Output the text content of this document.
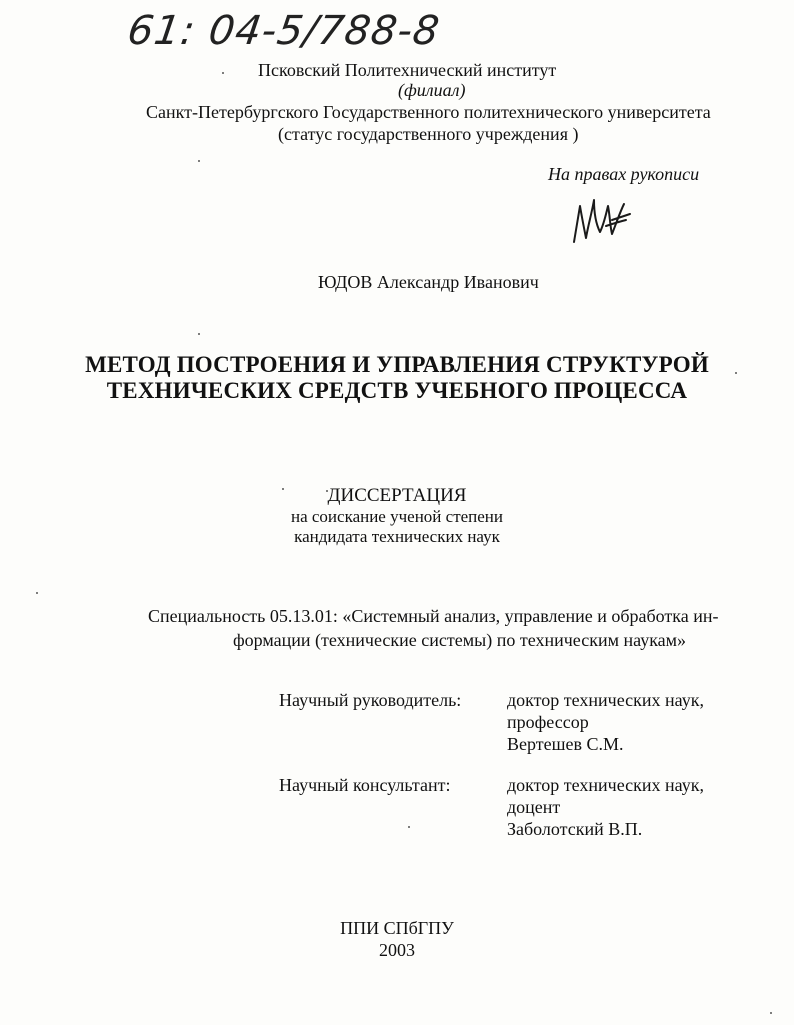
61: 04-5/788-8
Псковский Политехнический институт
(филиал)
Санкт-Петербургского Государственного политехнического университета
(статус государственного учреждения )
На правах рукописи
ЮДОВ Александр Иванович
МЕТОД ПОСТРОЕНИЯ И УПРАВЛЕНИЯ СТРУКТУРОЙ
ТЕХНИЧЕСКИХ СРЕДСТВ УЧЕБНОГО ПРОЦЕССА
ДИССЕРТАЦИЯ
на соискание ученой степени
кандидата технических наук
Специальность 05.13.01: «Системный анализ, управление и обработка ин-
формации (технические системы) по техническим наукам»
Научный руководитель:	доктор технических наук,
профессор
Вертешев С.М.
Научный консультант:	доктор технических наук,
доцент
Заболотский В.П.
ППИ СПбГПУ
2003
